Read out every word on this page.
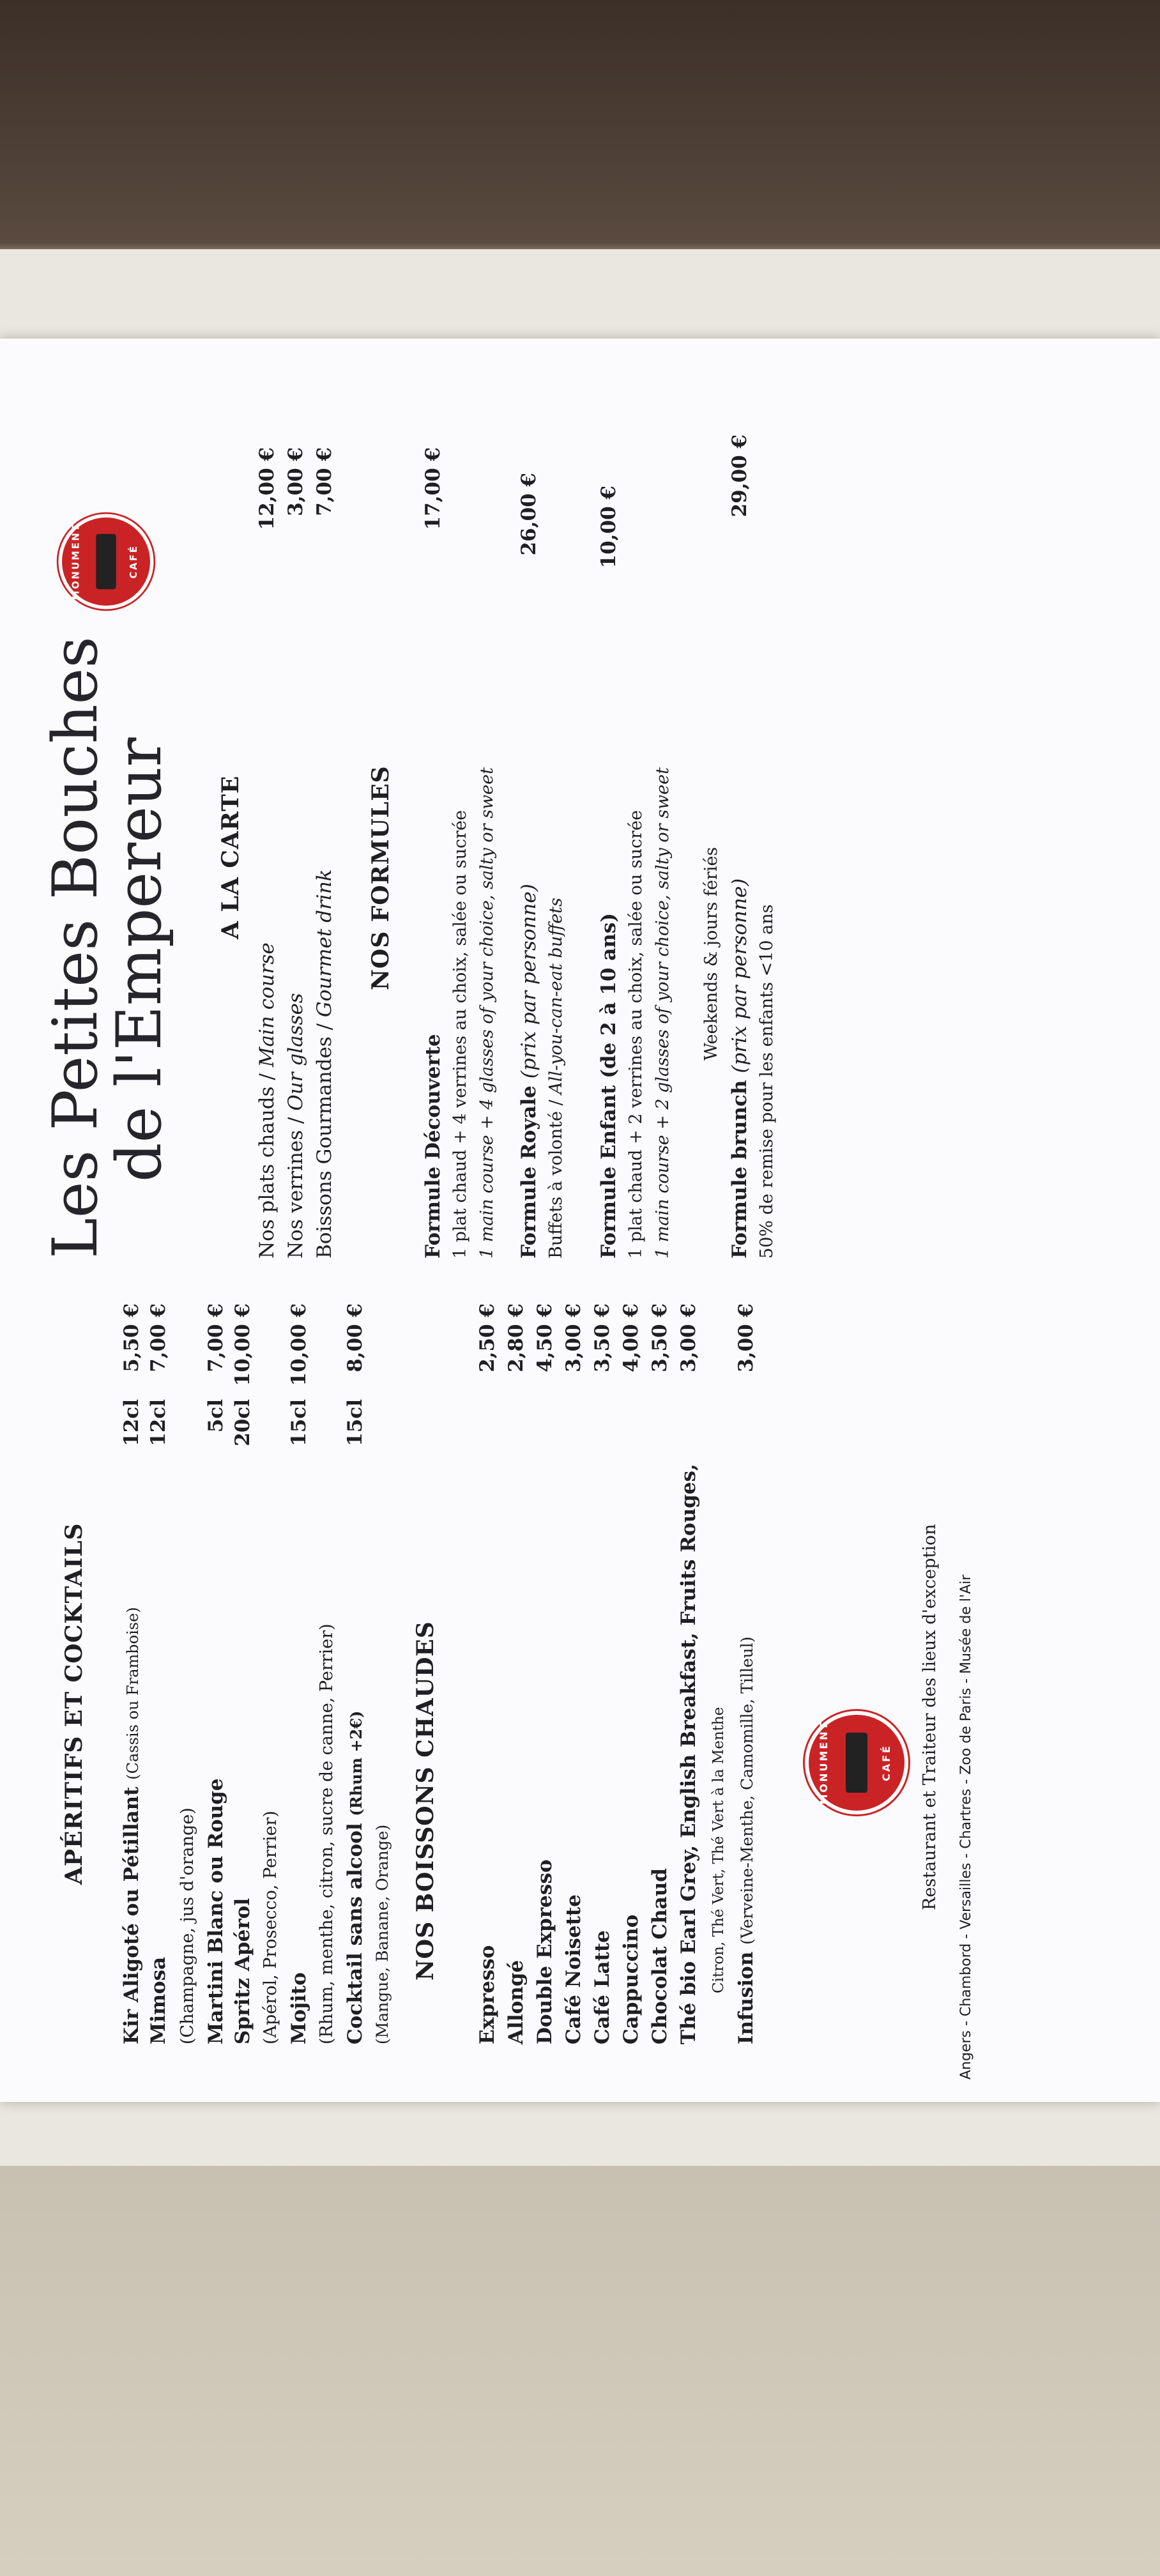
APÉRITIFS ET COCKTAILS
Kir Aligoté ou Pétillant (Cassis ou Framboise)
12cl
5,50 €
Mimosa
12cl
7,00 €
(Champagne, jus d'orange) Martini Blanc ou Rouge
5cl
7,00 €
Spritz Apérol
20cl
10,00 €
(Apérol, Prosecco, Perrier) Mojito
15cl
10,00 €
(Rhum, menthe, citron, sucre de canne, Perrier) Cocktail sans alcool (Rhum +2€)
15cl
8,00 €
(Mangue, Banane, Orange) NOS BOISSONS CHAUDES
Expresso
2,50 €
Allongé
2,80 €
Double Expresso
4,50 €
Café Noisette
3,00 €
Café Latte
3,50 €
Cappuccino
4,00 €
Chocolat Chaud
3,50 €
Thé bio Earl Grey, English Breakfast, Fruits Rouges,
3,00 €
Citron, Thé Vert, Thé Vert à la Menthe
Infusion (Verveine-Menthe, Camomille, Tilleul)
3,00 €
MONUMENT	CAFÉ Restaurant et Traiteur des lieux d'exception Angers - Chambord - Versailles - Chartres - Zoo de Paris - Musée de l'Air
Les Petites Bouches
de l'Empereur
MONUMENT	CAFÉ
A LA CARTE
Nos plats chauds / Main course
12,00 €
Nos verrines / Our glasses
3,00 €
Boissons Gourmandes / Gourmet drink
7,00 €
NOS FORMULES
Formule Découverte
17,00 €
1 plat chaud + 4 verrines au choix, salée ou sucrée 1 main course + 4 glasses of your choice, salty or sweet Formule Royale (prix par personne)
26,00 €
Buffets à volonté / All-you-can-eat buffets Formule Enfant (de 2 à 10 ans)
10,00 €
1 plat chaud + 2 verrines au choix, salée ou sucrée 1 main course + 2 glasses of your choice, salty or sweet Weekends & jours fériés
Formule brunch (prix par personne)
29,00 €
50% de remise pour les enfants <10 ans
